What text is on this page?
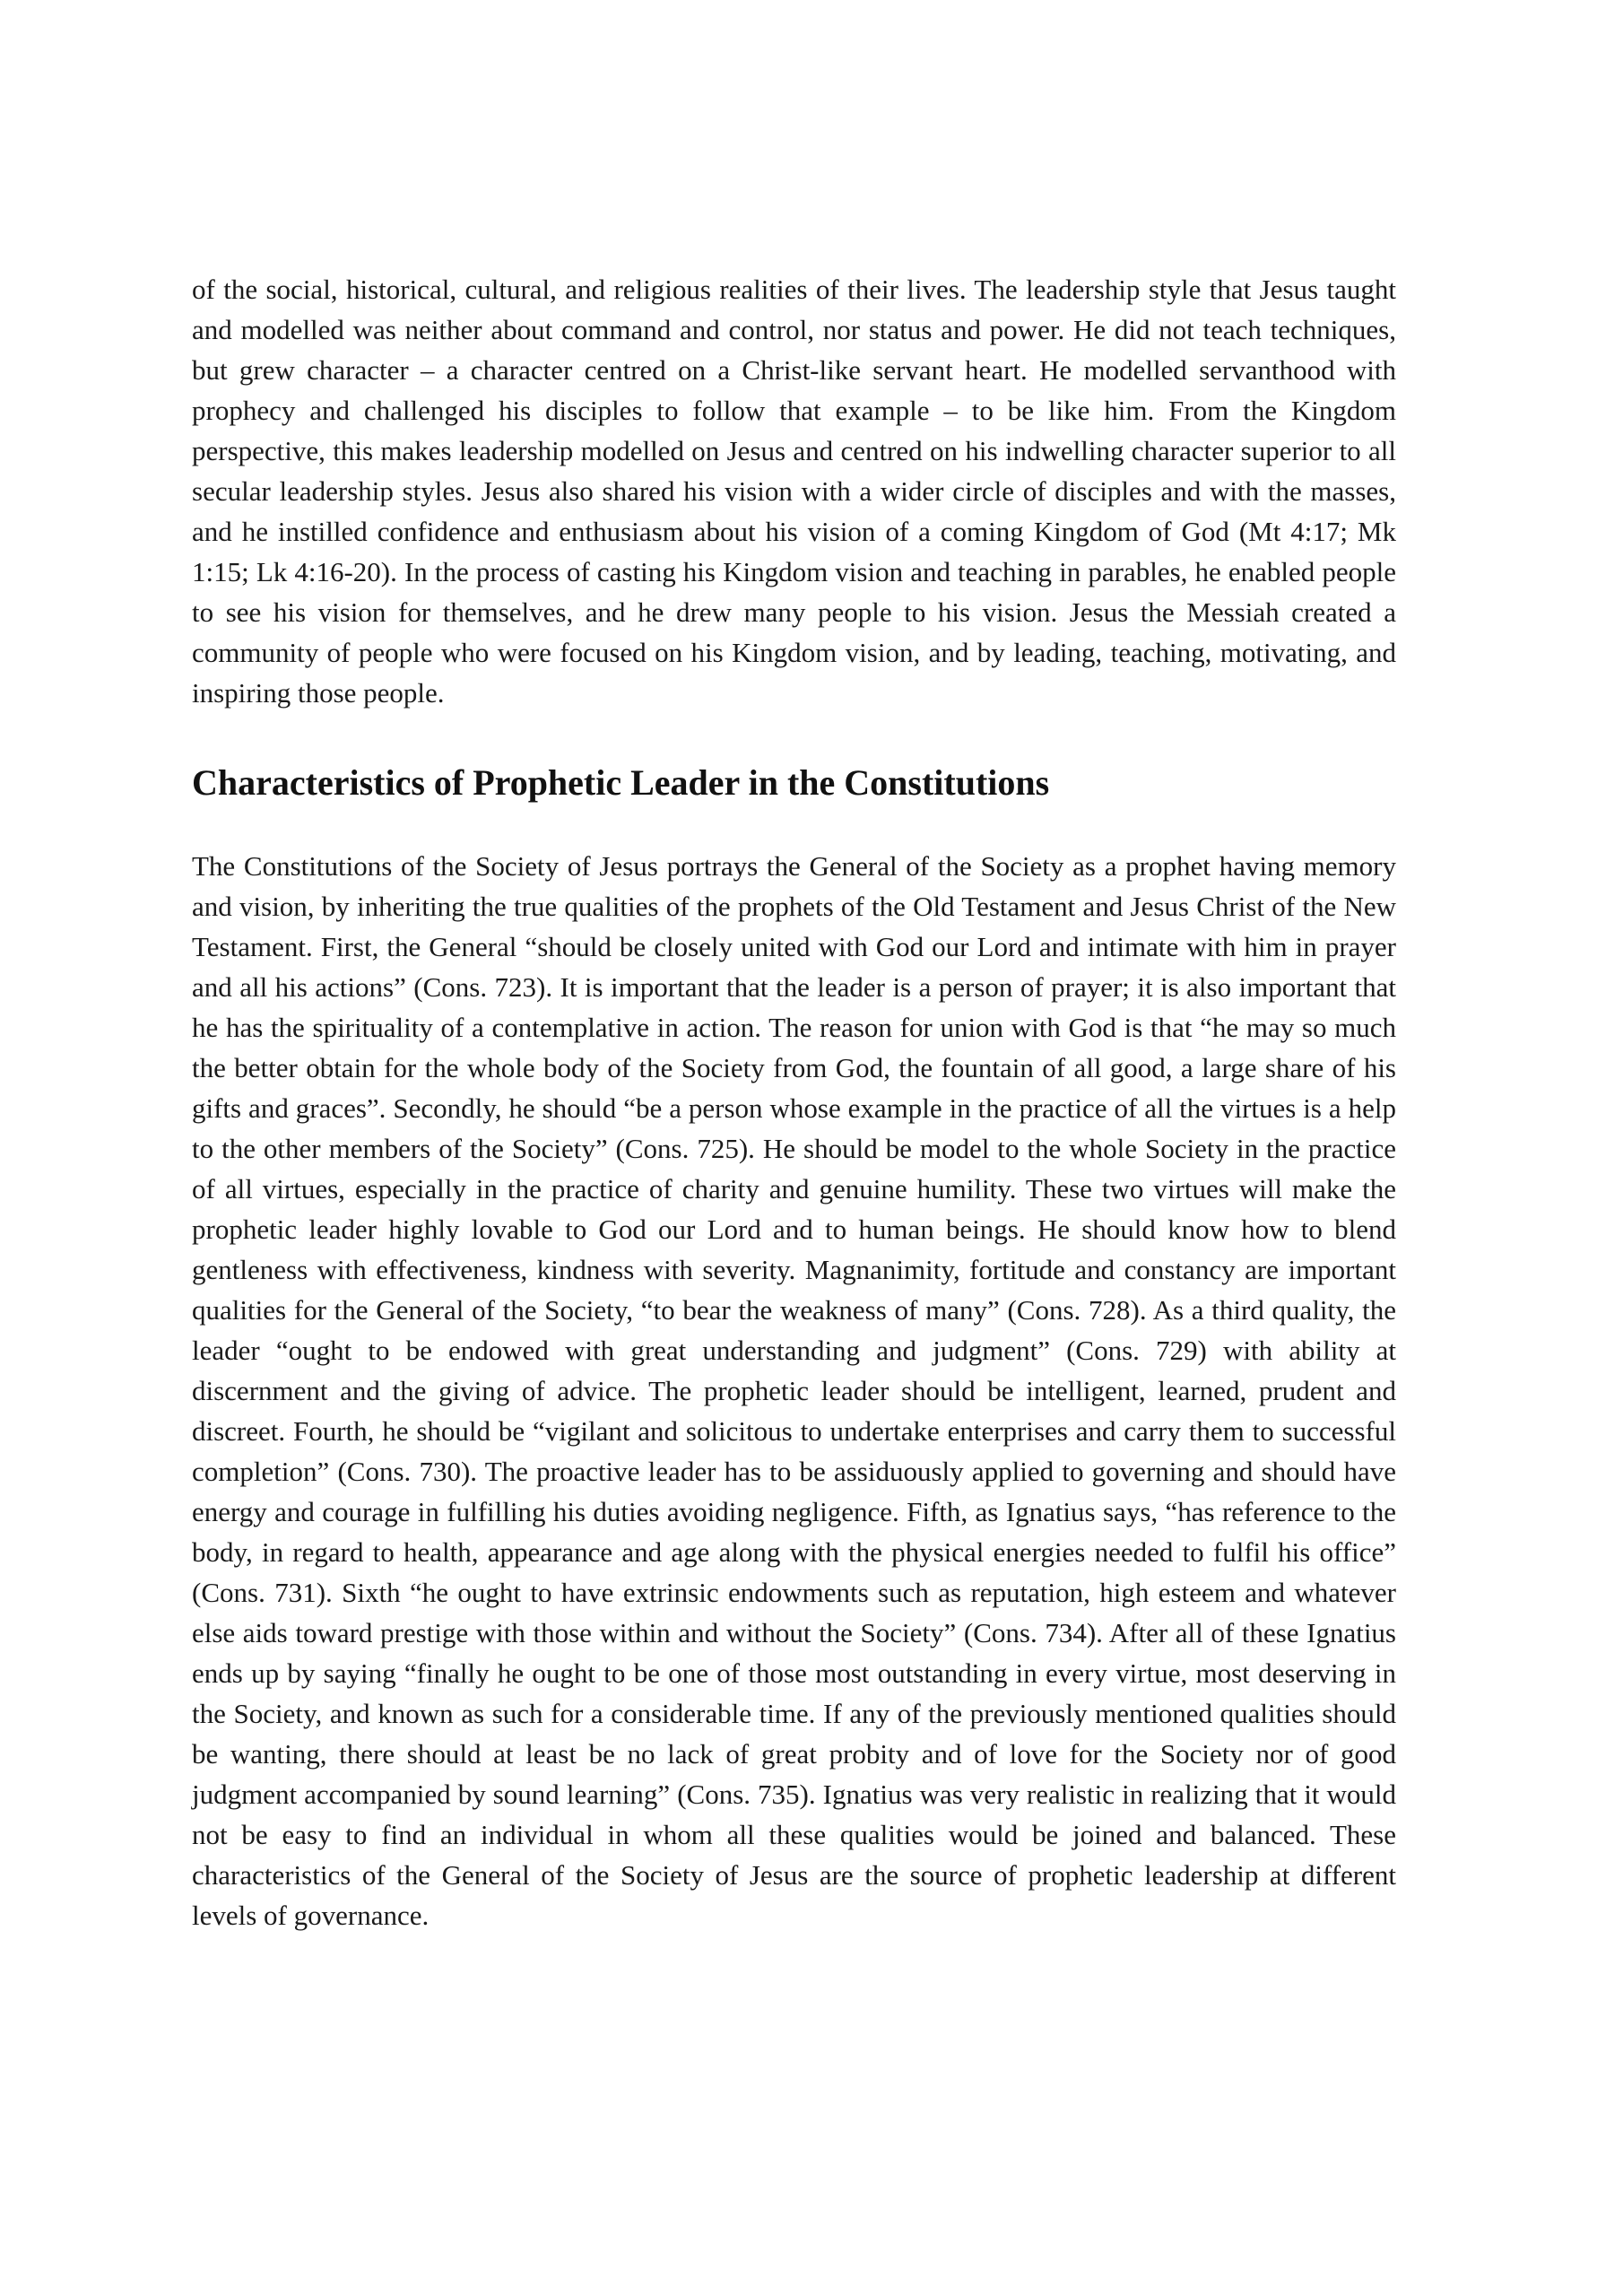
of the social, historical, cultural, and religious realities of their lives. The leadership style that Jesus taught and modelled was neither about command and control, nor status and power. He did not teach techniques, but grew character – a character centred on a Christ-like servant heart. He modelled servanthood with prophecy and challenged his disciples to follow that example – to be like him. From the Kingdom perspective, this makes leadership modelled on Jesus and centred on his indwelling character superior to all secular leadership styles. Jesus also shared his vision with a wider circle of disciples and with the masses, and he instilled confidence and enthusiasm about his vision of a coming Kingdom of God (Mt 4:17; Mk 1:15; Lk 4:16-20). In the process of casting his Kingdom vision and teaching in parables, he enabled people to see his vision for themselves, and he drew many people to his vision. Jesus the Messiah created a community of people who were focused on his Kingdom vision, and by leading, teaching, motivating, and inspiring those people.

Characteristics of Prophetic Leader in the Constitutions

The Constitutions of the Society of Jesus portrays the General of the Society as a prophet having memory and vision, by inheriting the true qualities of the prophets of the Old Testament and Jesus Christ of the New Testament. First, the General “should be closely united with God our Lord and intimate with him in prayer and all his actions” (Cons. 723). It is important that the leader is a person of prayer; it is also important that he has the spirituality of a contemplative in action. The reason for union with God is that “he may so much the better obtain for the whole body of the Society from God, the fountain of all good, a large share of his gifts and graces”. Secondly, he should “be a person whose example in the practice of all the virtues is a help to the other members of the Society” (Cons. 725). He should be model to the whole Society in the practice of all virtues, especially in the practice of charity and genuine humility. These two virtues will make the prophetic leader highly lovable to God our Lord and to human beings. He should know how to blend gentleness with effectiveness, kindness with severity. Magnanimity, fortitude and constancy are important qualities for the General of the Society, “to bear the weakness of many” (Cons. 728). As a third quality, the leader “ought to be endowed with great understanding and judgment” (Cons. 729) with ability at discernment and the giving of advice. The prophetic leader should be intelligent, learned, prudent and discreet. Fourth, he should be “vigilant and solicitous to undertake enterprises and carry them to successful completion” (Cons. 730). The proactive leader has to be assiduously applied to governing and should have energy and courage in fulfilling his duties avoiding negligence. Fifth, as Ignatius says, “has reference to the body, in regard to health, appearance and age along with the physical energies needed to fulfil his office” (Cons. 731). Sixth “he ought to have extrinsic endowments such as reputation, high esteem and whatever else aids toward prestige with those within and without the Society” (Cons. 734). After all of these Ignatius ends up by saying “finally he ought to be one of those most outstanding in every virtue, most deserving in the Society, and known as such for a considerable time. If any of the previously mentioned qualities should be wanting, there should at least be no lack of great probity and of love for the Society nor of good judgment accompanied by sound learning” (Cons. 735). Ignatius was very realistic in realizing that it would not be easy to find an individual in whom all these qualities would be joined and balanced. These characteristics of the General of the Society of Jesus are the source of prophetic leadership at different levels of governance.
